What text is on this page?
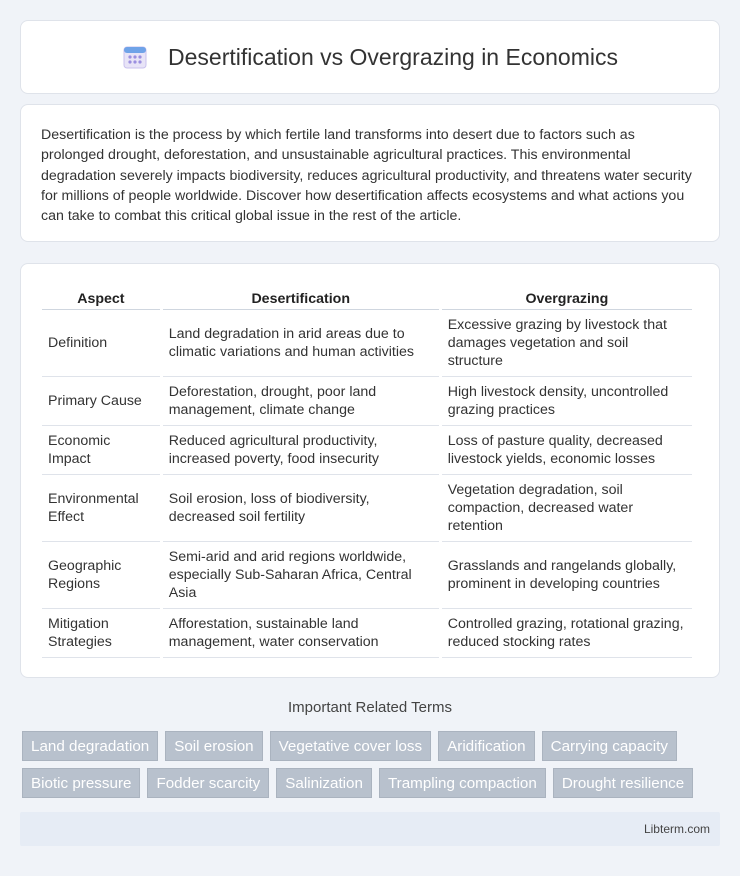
Desertification vs Overgrazing in Economics

Desertification is the process by which fertile land transforms into desert due to factors such as prolonged drought, deforestation, and unsustainable agricultural practices. This environmental degradation severely impacts biodiversity, reduces agricultural productivity, and threatens water security for millions of people worldwide. Discover how desertification affects ecosystems and what actions you can take to combat this critical global issue in the rest of the article.

Aspect	Desertification	Overgrazing
Definition	Land degradation in arid areas due to climatic variations and human activities	Excessive grazing by livestock that damages vegetation and soil structure
Primary Cause	Deforestation, drought, poor land management, climate change	High livestock density, uncontrolled grazing practices
Economic Impact	Reduced agricultural productivity, increased poverty, food insecurity	Loss of pasture quality, decreased livestock yields, economic losses
Environmental Effect	Soil erosion, loss of biodiversity, decreased soil fertility	Vegetation degradation, soil compaction, decreased water retention
Geographic Regions	Semi-arid and arid regions worldwide, especially Sub-Saharan Africa, Central Asia	Grasslands and rangelands globally, prominent in developing countries
Mitigation Strategies	Afforestation, sustainable land management, water conservation	Controlled grazing, rotational grazing, reduced stocking rates
Important Related Terms
Land degradation	Soil erosion	Vegetative cover loss	Aridification	Carrying capacity
Biotic pressure	Fodder scarcity	Salinization	Trampling compaction	Drought resilience
Libterm.com
